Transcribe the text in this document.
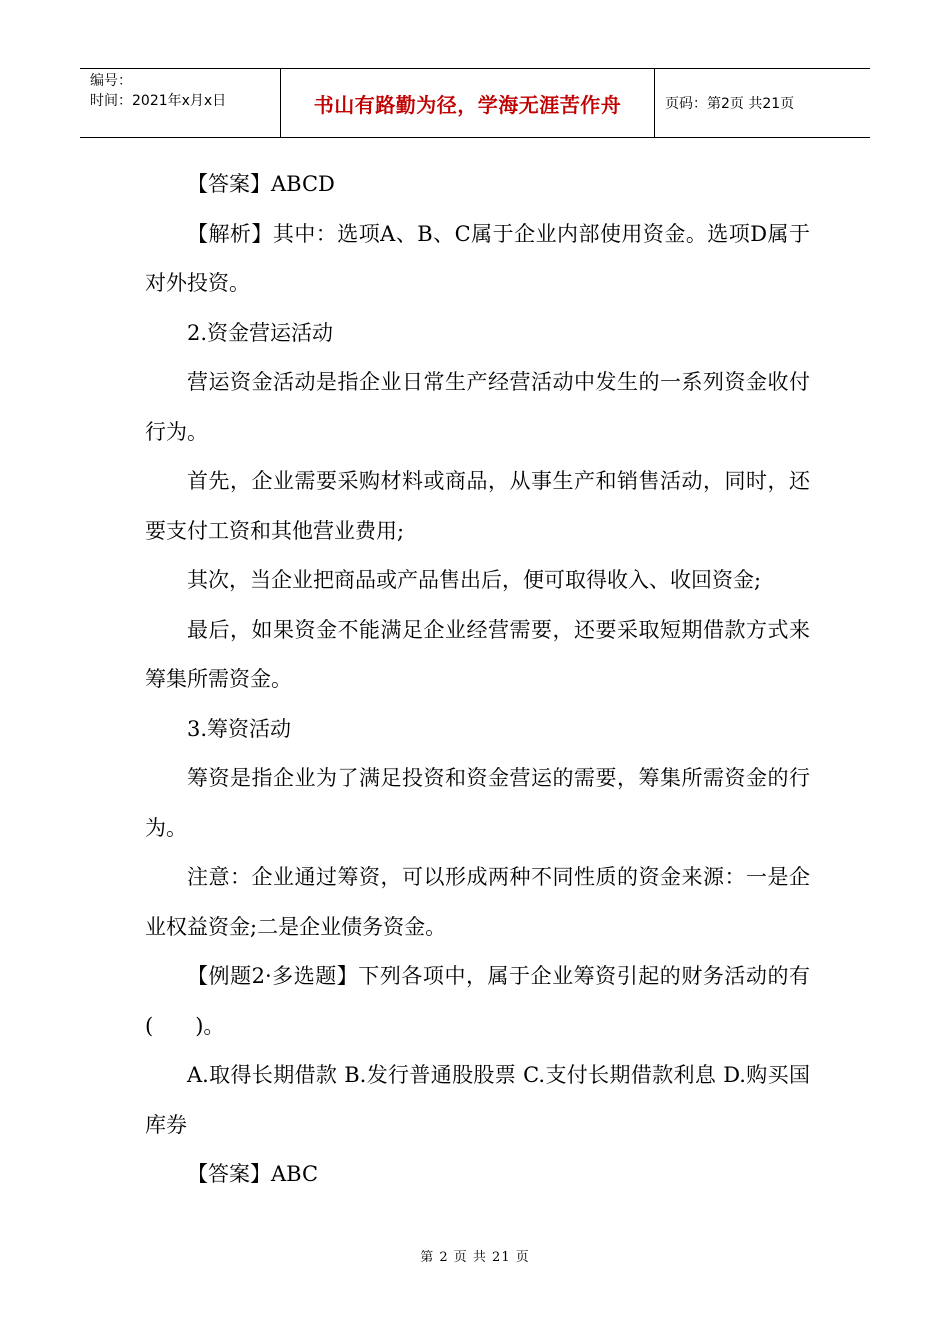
编号：
时间：2021年x月x日	书山有路勤为径，学海无涯苦作舟	页码：第2页 共21页

【答案】ABCD

【解析】其中：选项A、B、C属于企业内部使用资金。选项D属于对外投资。

2.资金营运活动

营运资金活动是指企业日常生产经营活动中发生的一系列资金收付行为。

首先，企业需要采购材料或商品，从事生产和销售活动，同时，还要支付工资和其他营业费用;

其次，当企业把商品或产品售出后，便可取得收入、收回资金;

最后，如果资金不能满足企业经营需要，还要采取短期借款方式来筹集所需资金。

3.筹资活动

筹资是指企业为了满足投资和资金营运的需要，筹集所需资金的行为。

注意：企业通过筹资，可以形成两种不同性质的资金来源：一是企业权益资金;二是企业债务资金。

【例题2·多选题】下列各项中，属于企业筹资引起的财务活动的有(　　)。

A.取得长期借款 B.发行普通股股票 C.支付长期借款利息 D.购买国库券

【答案】ABC

第 2 页 共 21 页
